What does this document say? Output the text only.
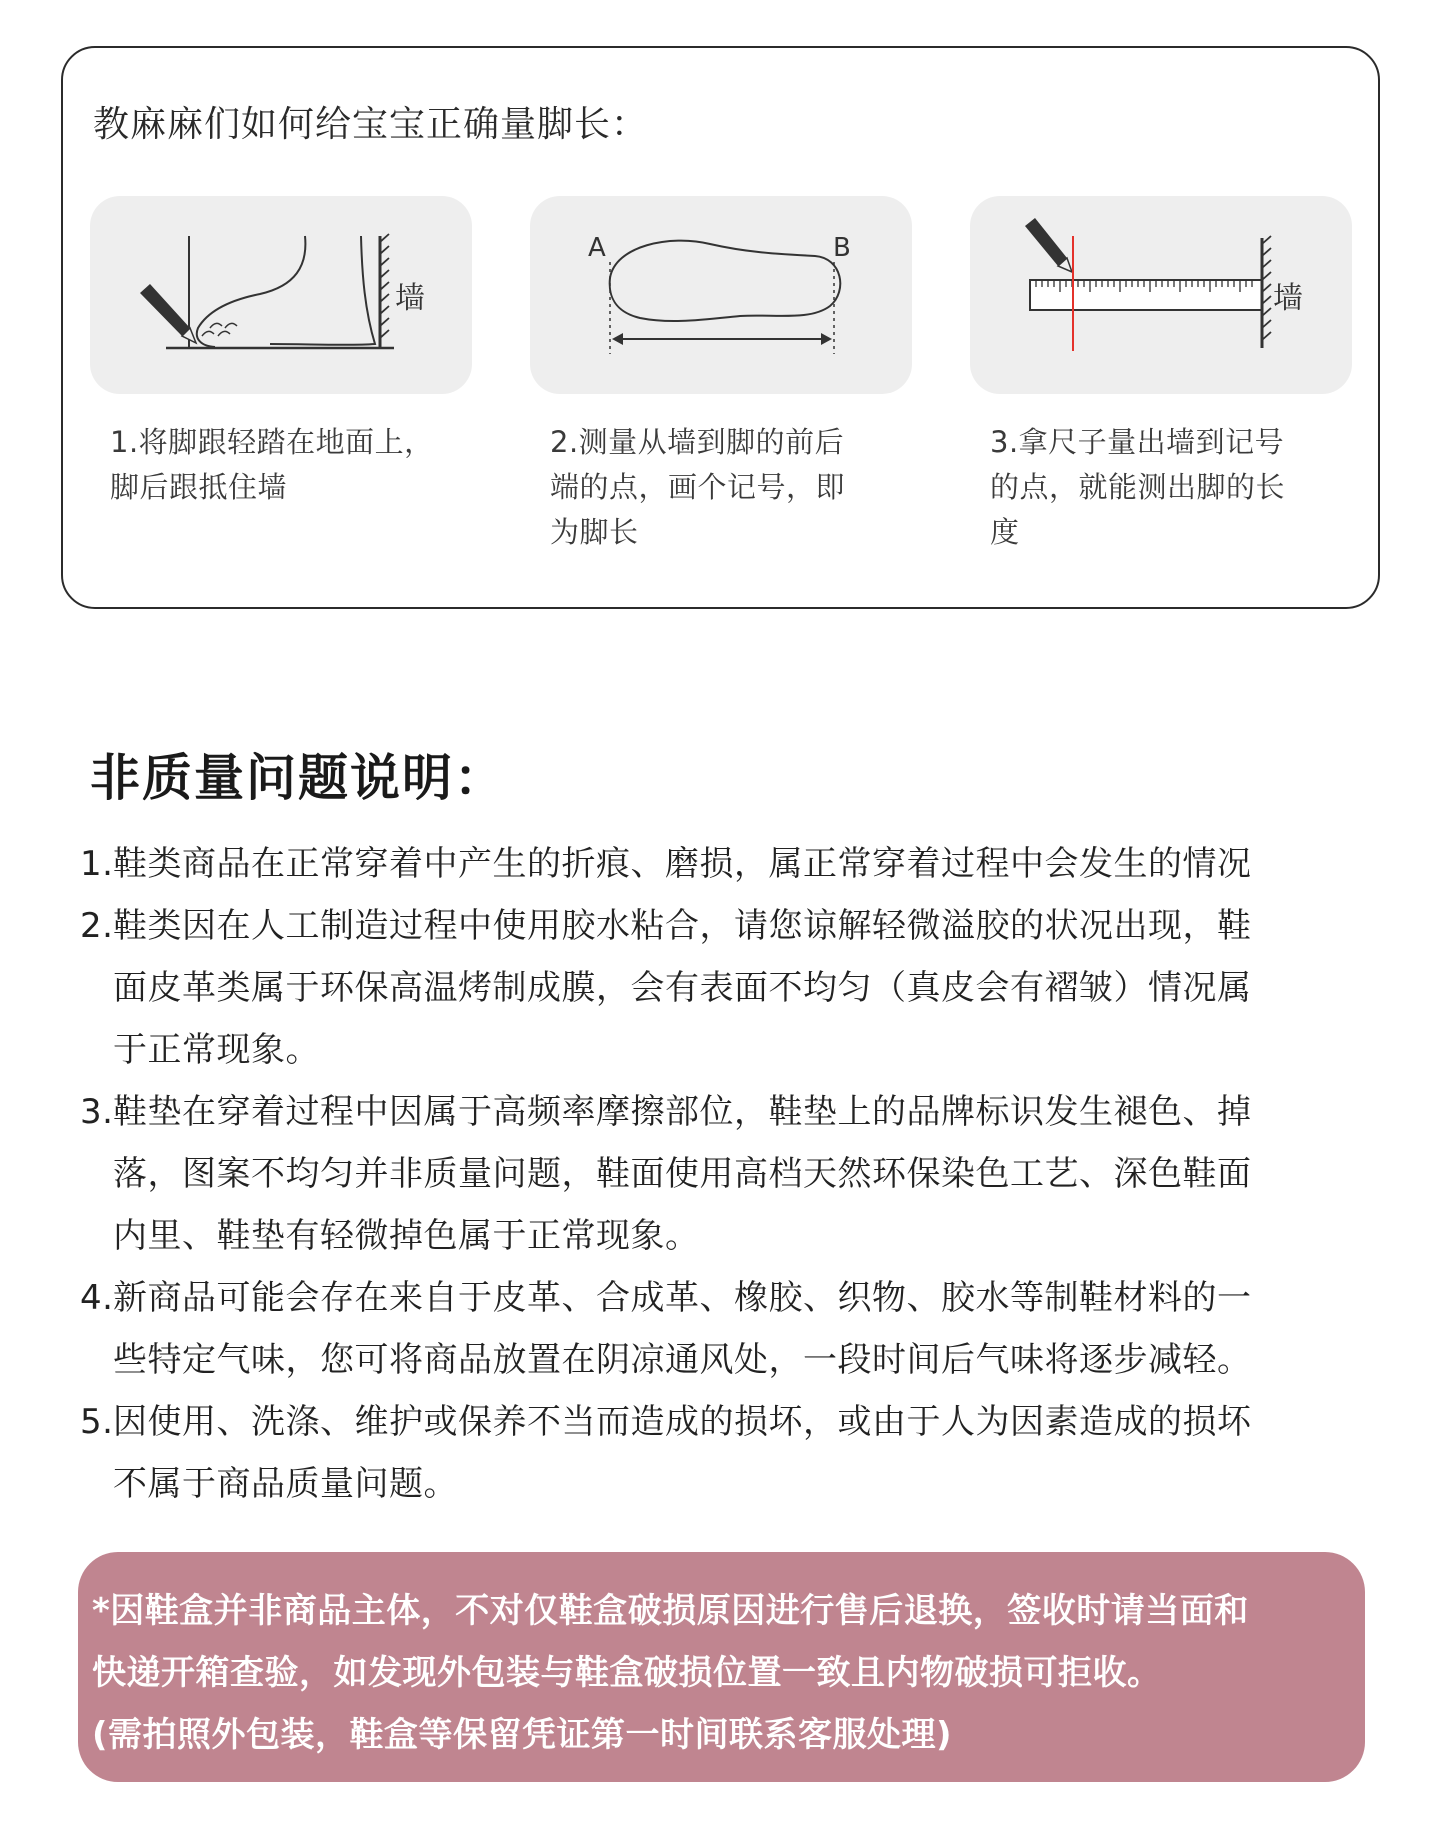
教麻麻们如何给宝宝正确量脚长：
墙
1.将脚跟轻踏在地面上，
脚后跟抵住墙
A	B
2.测量从墙到脚的前后
端的点，画个记号，即
为脚长
墙
3.拿尺子量出墙到记号
的点，就能测出脚的长
度
非质量问题说明：
1. 鞋类商品在正常穿着中产生的折痕、磨损，属正常穿着过程中会发生的情况
2. 鞋类因在人工制造过程中使用胶水粘合，请您谅解轻微溢胶的状况出现，鞋
面皮革类属于环保高温烤制成膜，会有表面不均匀（真皮会有褶皱）情况属
于正常现象。
3. 鞋垫在穿着过程中因属于高频率摩擦部位，鞋垫上的品牌标识发生褪色、掉
落，图案不均匀并非质量问题，鞋面使用高档天然环保染色工艺、深色鞋面
内里、鞋垫有轻微掉色属于正常现象。
4. 新商品可能会存在来自于皮革、合成革、橡胶、织物、胶水等制鞋材料的一
些特定气味，您可将商品放置在阴凉通风处，一段时间后气味将逐步减轻。
5. 因使用、洗涤、维护或保养不当而造成的损坏，或由于人为因素造成的损坏
不属于商品质量问题。
*因鞋盒并非商品主体，不对仅鞋盒破损原因进行售后退换，签收时请当面和
快递开箱查验，如发现外包装与鞋盒破损位置一致且内物破损可拒收。
(需拍照外包装，鞋盒等保留凭证第一时间联系客服处理)
